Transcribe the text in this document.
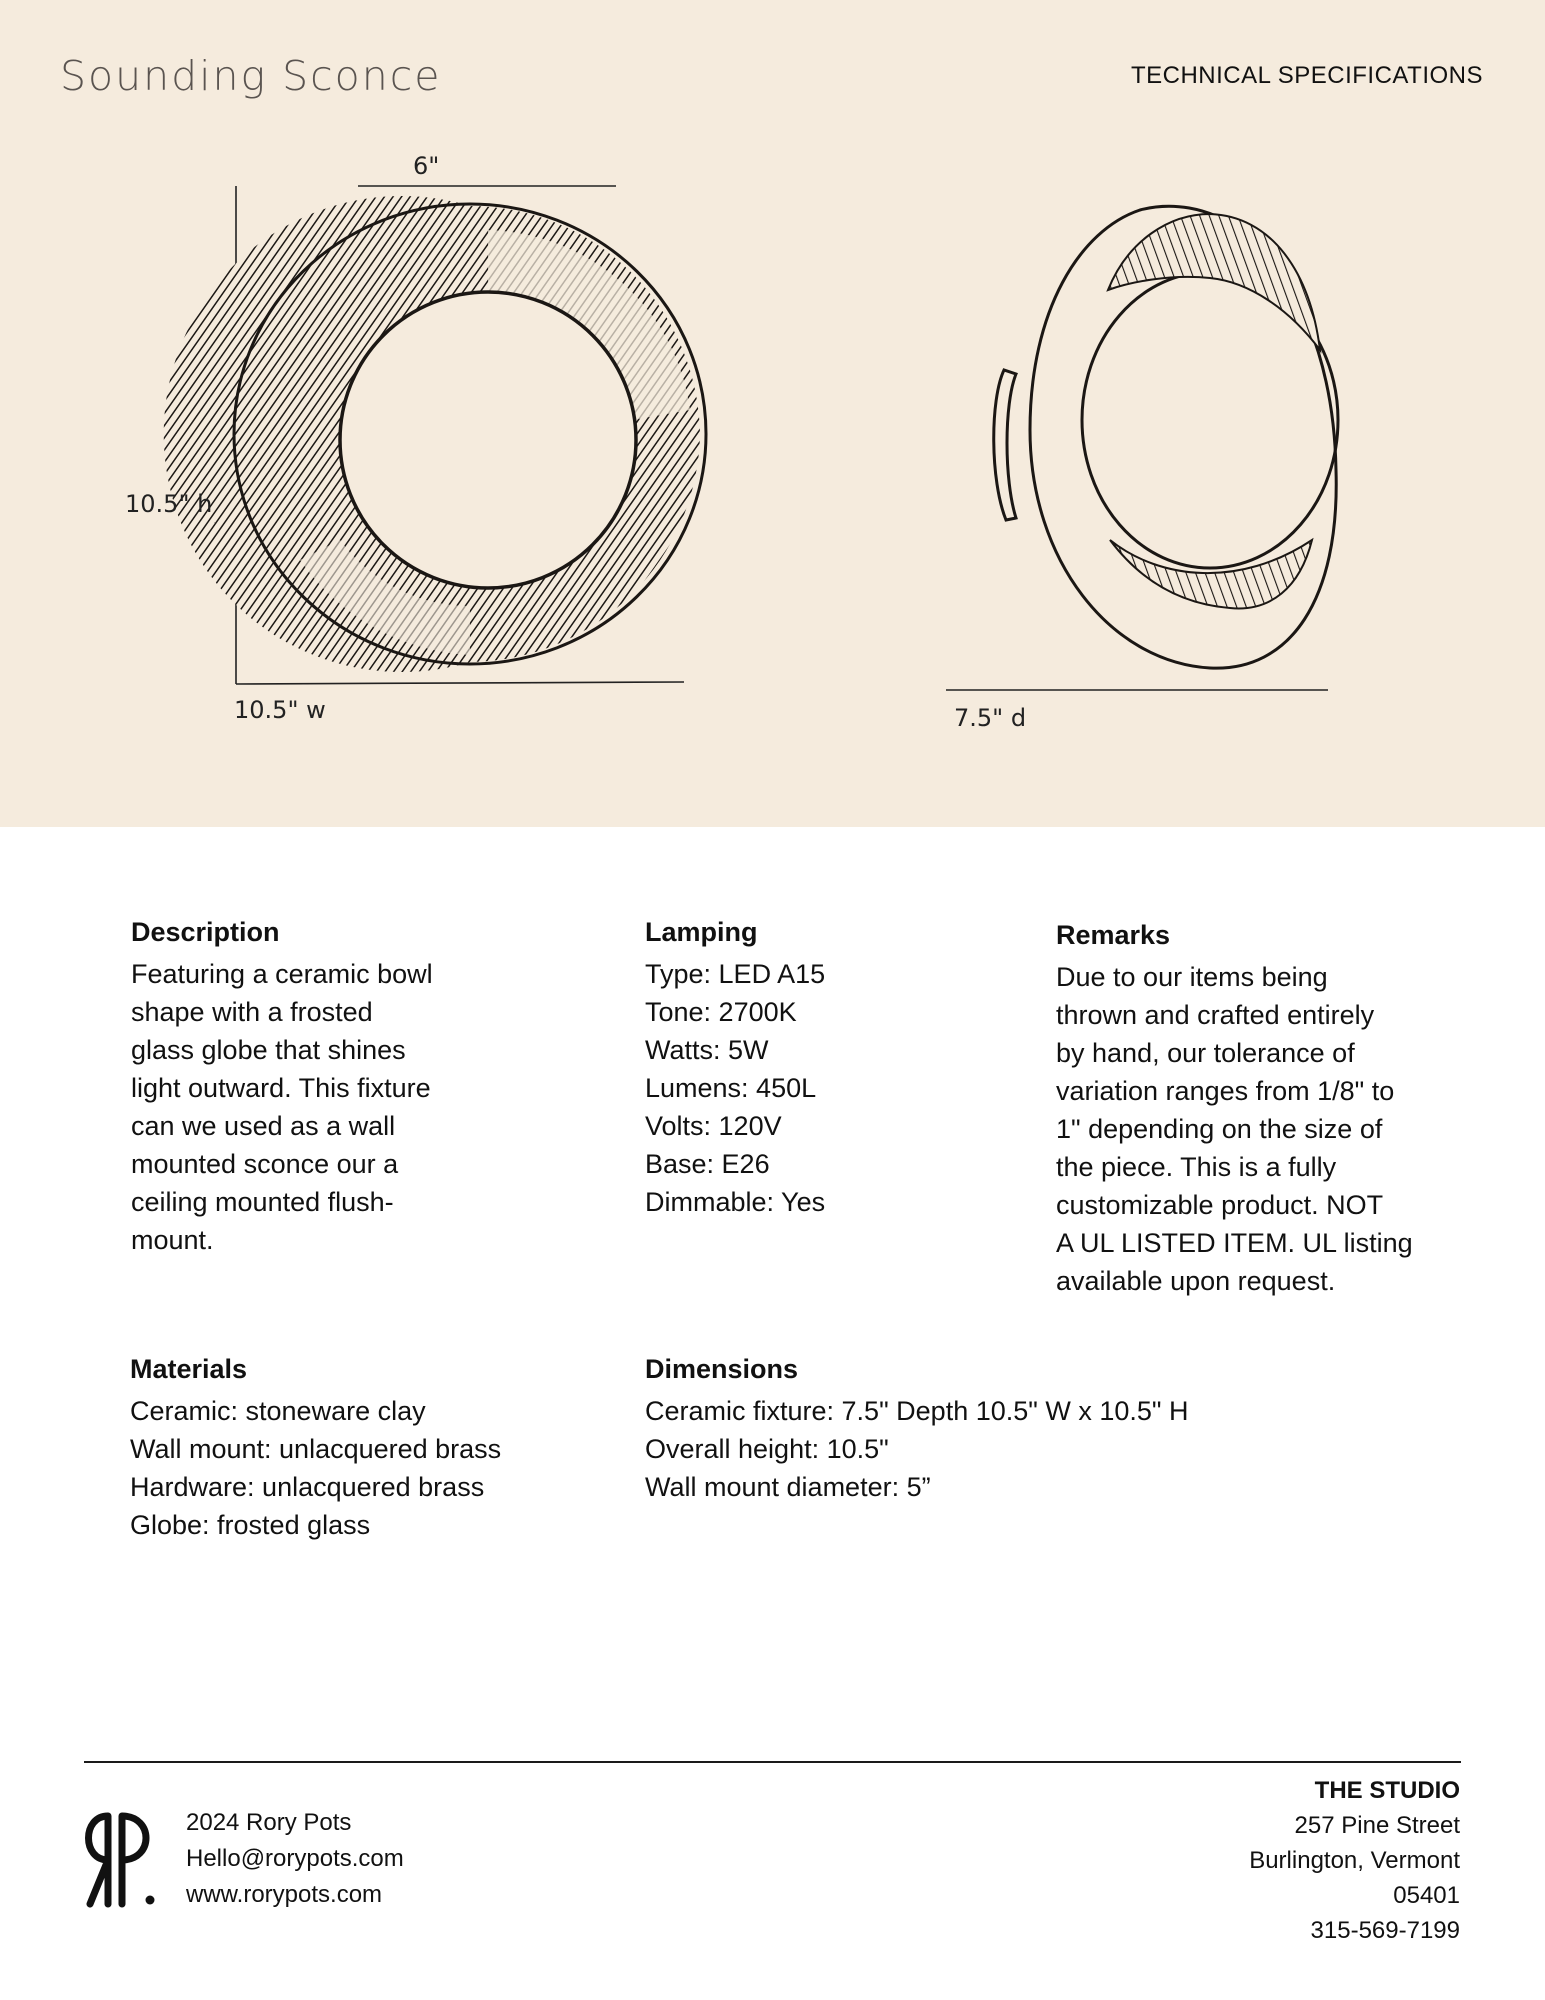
Sounding Sconce	TECHNICAL SPECIFICATIONS
6"
10.5" h
10.5" w	7.5" d
Description
Featuring a ceramic bowl
shape with a frosted
glass globe that shines
light outward. This fixture
can we used as a wall
mounted sconce our a
ceiling mounted flush-
mount.
Lamping
Type: LED A15
Tone: 2700K
Watts: 5W
Lumens: 450L
Volts: 120V
Base: E26
Dimmable: Yes
Remarks
Due to our items being
thrown and crafted entirely
by hand, our tolerance of
variation ranges from 1/8" to
1" depending on the size of
the piece. This is a fully
customizable product. NOT
A UL LISTED ITEM. UL listing
available upon request.
Materials
Ceramic: stoneware clay
Wall mount: unlacquered brass
Hardware: unlacquered brass
Globe: frosted glass
Dimensions
Ceramic fixture: 7.5" Depth 10.5" W x 10.5" H
Overall height: 10.5"
Wall mount diameter: 5”
2024 Rory Pots
Hello@rorypots.com
www.rorypots.com
THE STUDIO
257 Pine Street
Burlington, Vermont
05401
315-569-7199
